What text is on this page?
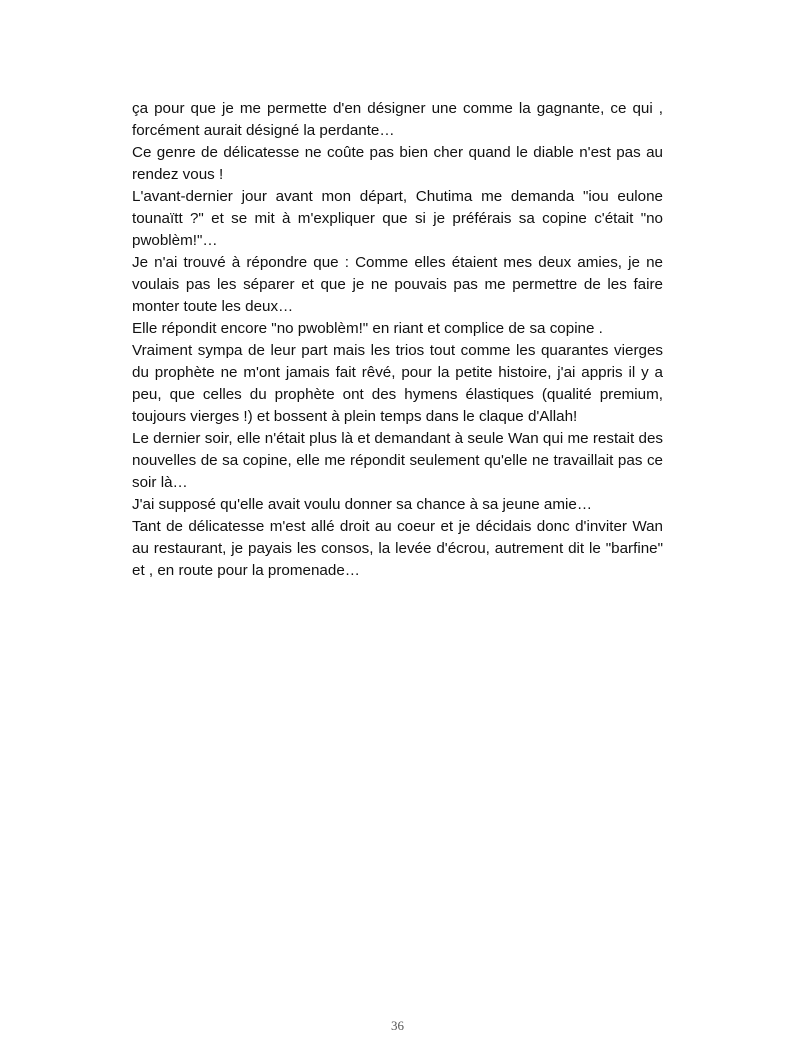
ça pour que je me permette d'en désigner une comme la gagnante, ce qui , forcément aurait désigné la perdante…

Ce genre de délicatesse ne coûte pas bien cher quand le diable n'est pas au rendez vous !

L'avant-dernier jour avant mon départ, Chutima me demanda "iou eulone tounaïtt ?" et se mit à m'expliquer que si je préférais sa copine c'était "no pwoblèm!"…

Je n'ai trouvé à répondre que : Comme elles étaient mes deux amies, je ne voulais pas les séparer et que je ne pouvais pas me permettre de les faire monter toute les deux…

Elle répondit encore "no pwoblèm!" en riant et complice de sa copine .

Vraiment sympa de leur part mais les trios tout comme les quarantes vierges du prophète ne m'ont jamais fait rêvé, pour la petite histoire, j'ai appris il y a peu, que celles du prophète ont des hymens élastiques (qualité premium, toujours vierges !) et bossent à plein temps dans le claque d'Allah!

Le dernier soir, elle n'était plus là et demandant à seule Wan qui me restait des nouvelles de sa copine, elle me répondit seulement qu'elle ne travaillait pas ce soir là…

J'ai supposé qu'elle avait voulu donner sa chance à sa jeune amie…

Tant de délicatesse m'est allé droit au coeur et je décidais donc d'inviter Wan au restaurant, je payais les consos, la levée d'écrou, autrement dit le "barfine" et , en route pour la promenade…

36
